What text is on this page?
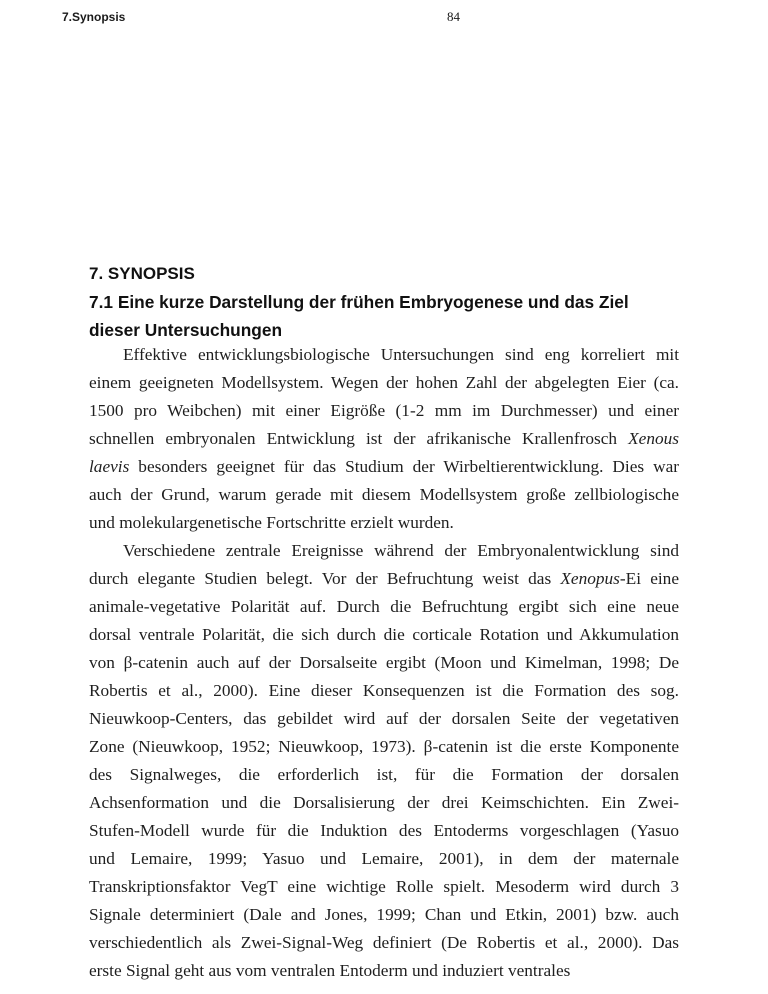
7.Synopsis	84
7. SYNOPSIS
7.1 Eine kurze Darstellung der frühen Embryogenese und das Ziel dieser Untersuchungen
Effektive entwicklungsbiologische Untersuchungen sind eng korreliert mit
einem geeigneten Modellsystem. Wegen der hohen Zahl der abgelegten Eier (ca.
1500 pro Weibchen) mit einer Eigröße (1-2 mm im Durchmesser) und einer
schnellen embryonalen Entwicklung ist der afrikanische Krallenfrosch Xenous
laevis besonders geeignet für das Studium der Wirbeltierentwicklung. Dies war
auch der Grund, warum gerade mit diesem Modellsystem große zellbiologische
und molekulargenetische Fortschritte erzielt wurden.
Verschiedene zentrale Ereignisse während der Embryonalentwicklung sind
durch elegante Studien belegt. Vor der Befruchtung weist das Xenopus-Ei eine
animale-vegetative Polarität auf. Durch die Befruchtung ergibt sich eine neue
dorsal ventrale Polarität, die sich durch die corticale Rotation und Akkumulation
von β-catenin auch auf der Dorsalseite ergibt (Moon und Kimelman, 1998; De
Robertis et al., 2000). Eine dieser Konsequenzen ist die Formation des sog.
Nieuwkoop-Centers, das gebildet wird auf der dorsalen Seite der vegetativen
Zone (Nieuwkoop, 1952; Nieuwkoop, 1973). β-catenin ist die erste Komponente
des Signalweges, die erforderlich ist, für die Formation der dorsalen
Achsenformation und die Dorsalisierung der drei Keimschichten. Ein Zwei-
Stufen-Modell wurde für die Induktion des Entoderms vorgeschlagen (Yasuo
und Lemaire, 1999; Yasuo und Lemaire, 2001), in dem der maternale
Transkriptionsfaktor VegT eine wichtige Rolle spielt. Mesoderm wird durch 3
Signale determiniert (Dale and Jones, 1999; Chan und Etkin, 2001) bzw. auch
verschiedentlich als Zwei-Signal-Weg definiert (De Robertis et al., 2000). Das
erste Signal geht aus vom ventralen Entoderm und induziert ventrales
